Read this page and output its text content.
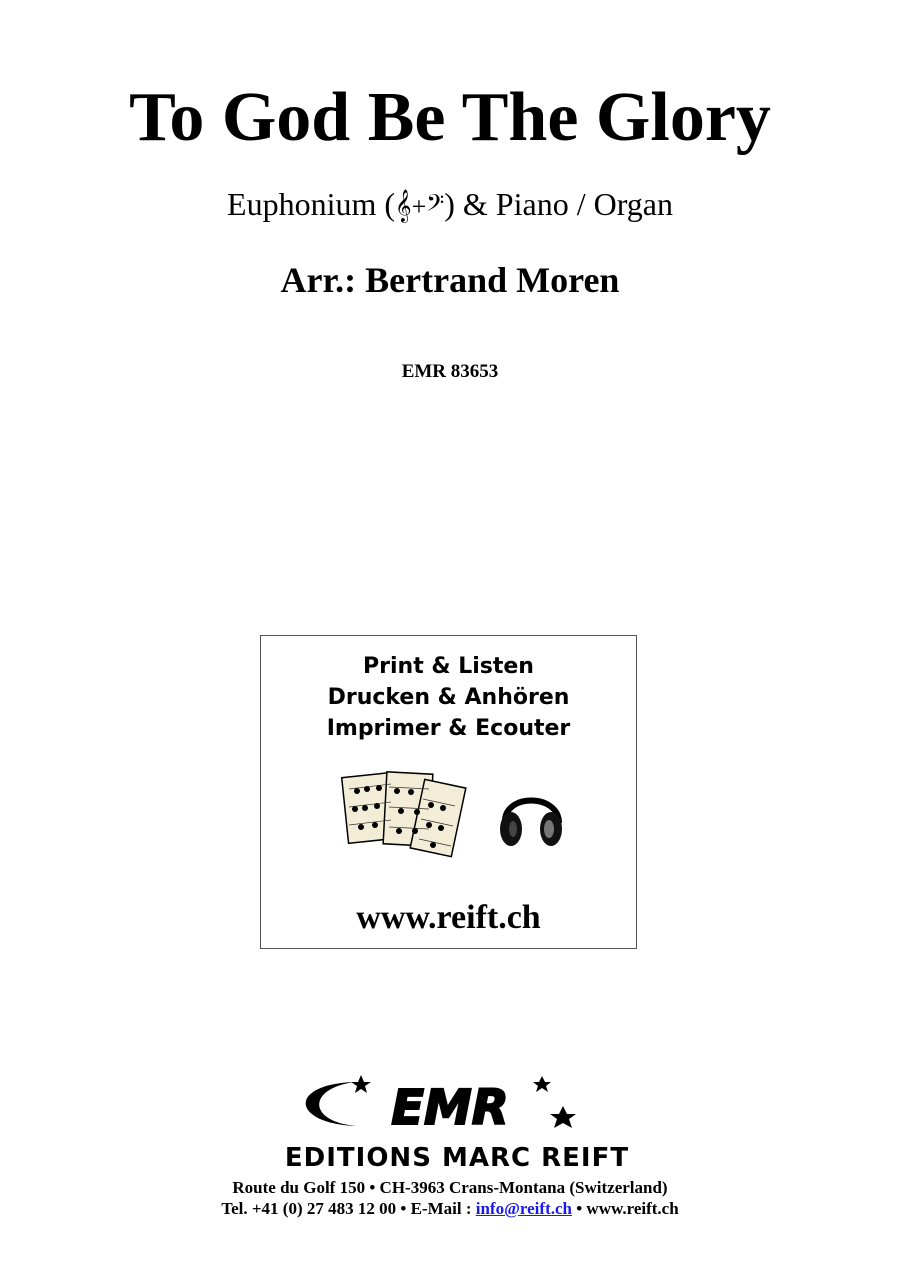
To God Be The Glory
Euphonium (𝄞+𝄢) & Piano / Organ
Arr.: Bertrand Moren
EMR 83653
Print & Listen
Drucken & Anhören
Imprimer & Ecouter
www.reift.ch
EMR
EDITIONS MARC REIFT
Route du Golf 150 • CH-3963 Crans-Montana (Switzerland)
Tel. +41 (0) 27 483 12 00 • E-Mail : info@reift.ch • www.reift.ch
